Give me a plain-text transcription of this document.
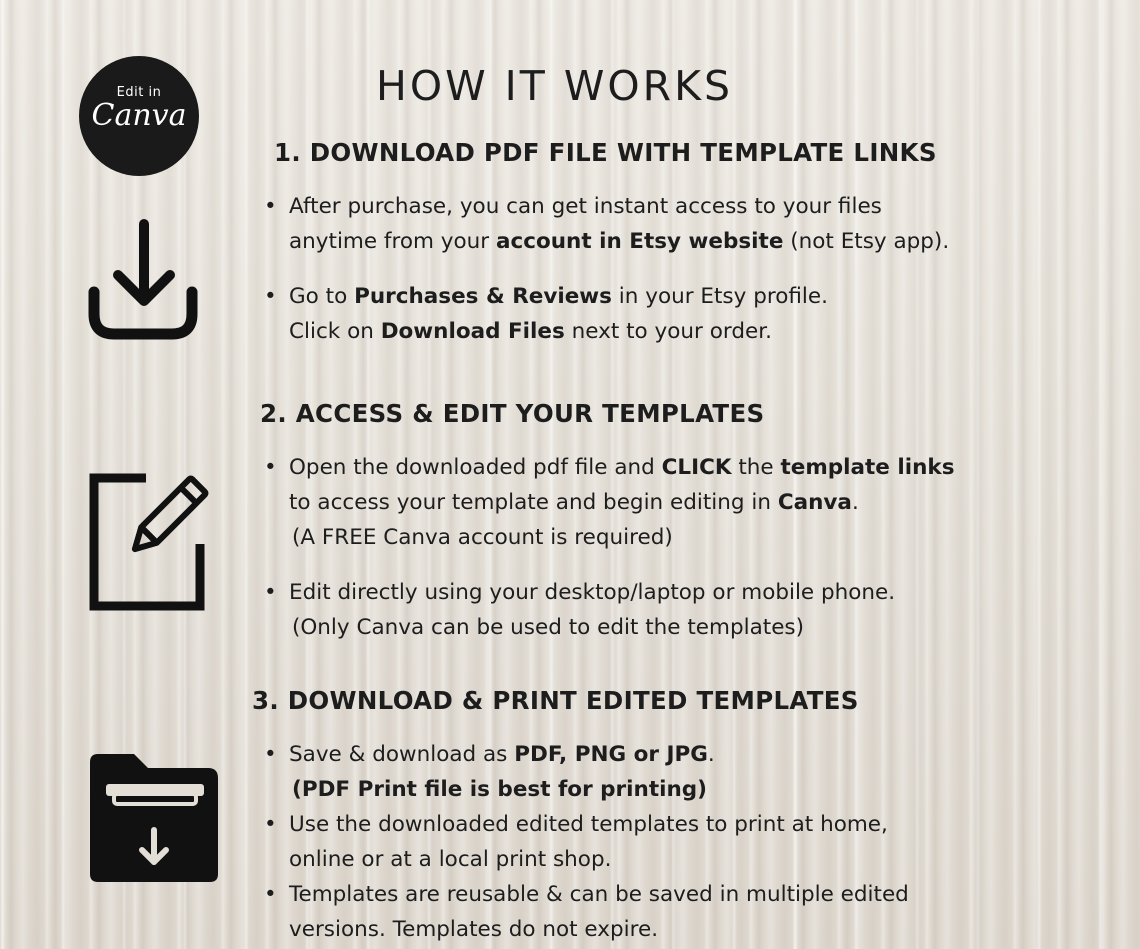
Edit in
Canva
HOW IT WORKS
1. DOWNLOAD PDF FILE WITH TEMPLATE LINKS
• After purchase, you can get instant access to your files
anytime from your account in Etsy website (not Etsy app).
• Go to Purchases & Reviews in your Etsy profile.
Click on Download Files next to your order.
2. ACCESS & EDIT YOUR TEMPLATES
• Open the downloaded pdf file and CLICK the template links
to access your template and begin editing in Canva.
(A FREE Canva account is required)
• Edit directly using your desktop/laptop or mobile phone.
(Only Canva can be used to edit the templates)
3. DOWNLOAD & PRINT EDITED TEMPLATES
• Save & download as PDF, PNG or JPG.
(PDF Print file is best for printing)
• Use the downloaded edited templates to print at home,
online or at a local print shop.
• Templates are reusable & can be saved in multiple edited
versions. Templates do not expire.
